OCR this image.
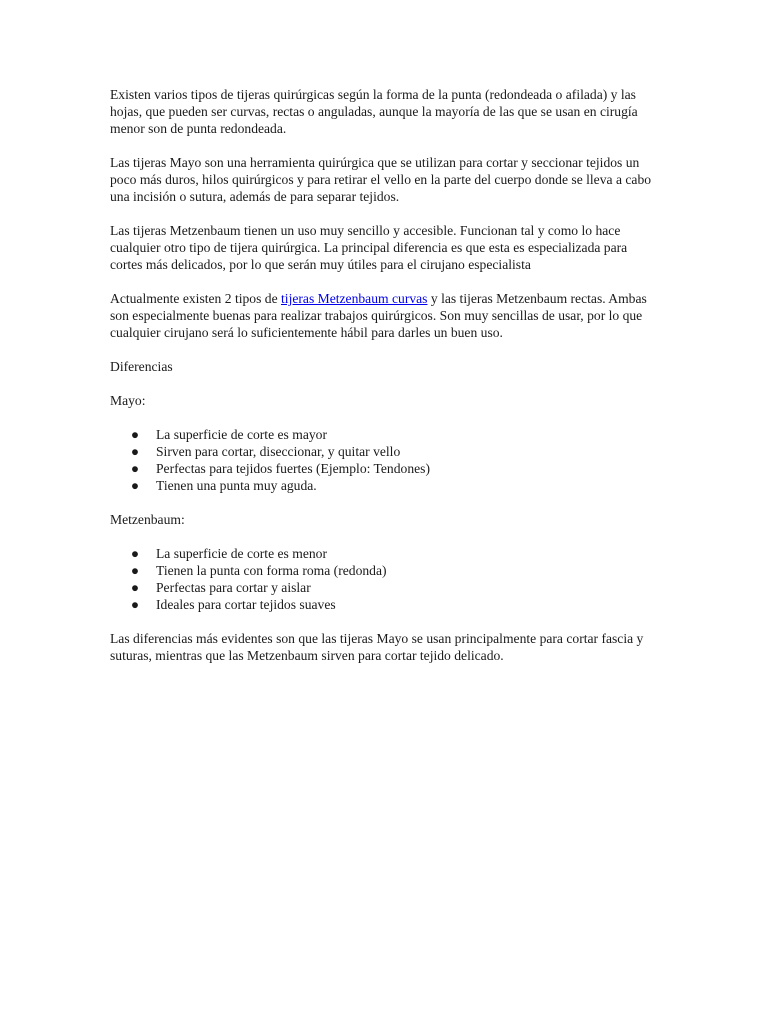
Existen varios tipos de tijeras quirúrgicas según la forma de la punta (redondeada o afilada) y las hojas, que pueden ser curvas, rectas o anguladas, aunque la mayoría de las que se usan en cirugía menor son de punta redondeada.

Las tijeras Mayo son una herramienta quirúrgica que se utilizan para cortar y seccionar tejidos un poco más duros, hilos quirúrgicos y para retirar el vello en la parte del cuerpo donde se lleva a cabo una incisión o sutura, además de para separar tejidos.

Las tijeras Metzenbaum tienen un uso muy sencillo y accesible. Funcionan tal y como lo hace cualquier otro tipo de tijera quirúrgica. La principal diferencia es que esta es especializada para cortes más delicados, por lo que serán muy útiles para el cirujano especialista

Actualmente existen 2 tipos de tijeras Metzenbaum curvas y las tijeras Metzenbaum rectas. Ambas son especialmente buenas para realizar trabajos quirúrgicos. Son muy sencillas de usar, por lo que cualquier cirujano será lo suficientemente hábil para darles un buen uso.

Diferencias

Mayo:

● La superficie de corte es mayor
● Sirven para cortar, diseccionar, y quitar vello
● Perfectas para tejidos fuertes (Ejemplo: Tendones)
● Tienen una punta muy aguda.

Metzenbaum:

● La superficie de corte es menor
● Tienen la punta con forma roma (redonda)
● Perfectas para cortar y aislar
● Ideales para cortar tejidos suaves

Las diferencias más evidentes son que las tijeras Mayo se usan principalmente para cortar fascia y suturas, mientras que las Metzenbaum sirven para cortar tejido delicado.
